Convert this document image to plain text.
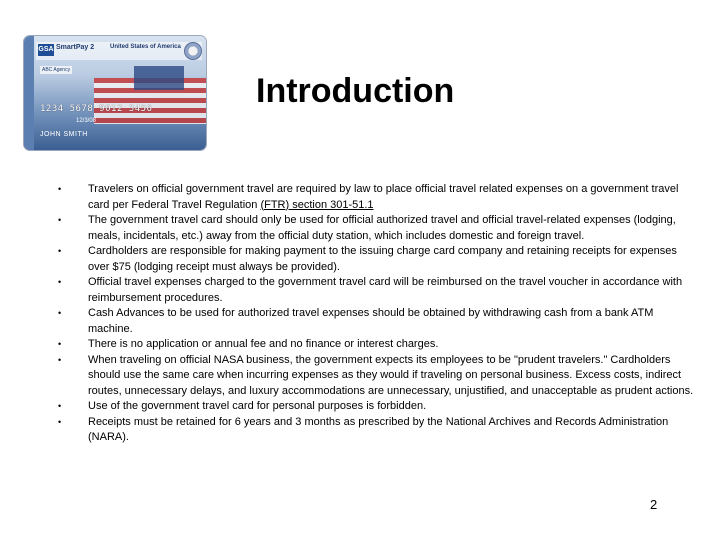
GSA SmartPay 2	United States of America
ABC Agency
1234 5678 9012 3456
12/3/08
JOHN SMITH
Introduction
• Travelers on official government travel are required by law to place official travel related expenses on a government travel card per Federal Travel Regulation (FTR) section 301-51.1
• The government travel card should only be used for official authorized travel and official travel-related expenses (lodging, meals, incidentals, etc.) away from the official duty station, which includes domestic and foreign travel.
• Cardholders are responsible for making payment to the issuing charge card company and retaining receipts for expenses over $75 (lodging receipt must always be provided).
• Official travel expenses charged to the government travel card will be reimbursed on the travel voucher in accordance with reimbursement procedures.
• Cash Advances to be used for authorized travel expenses should be obtained by withdrawing cash from a bank ATM machine.
• There is no application or annual fee and no finance or interest charges.
• When traveling on official NASA business, the government expects its employees to be "prudent travelers." Cardholders should use the same care when incurring expenses as they would if traveling on personal business. Excess costs, indirect routes, unnecessary delays, and luxury accommodations are unnecessary, unjustified, and unacceptable as prudent actions.
• Use of the government travel card for personal purposes is forbidden.
• Receipts must be retained for 6 years and 3 months as prescribed by the National Archives and Records Administration (NARA).
2
